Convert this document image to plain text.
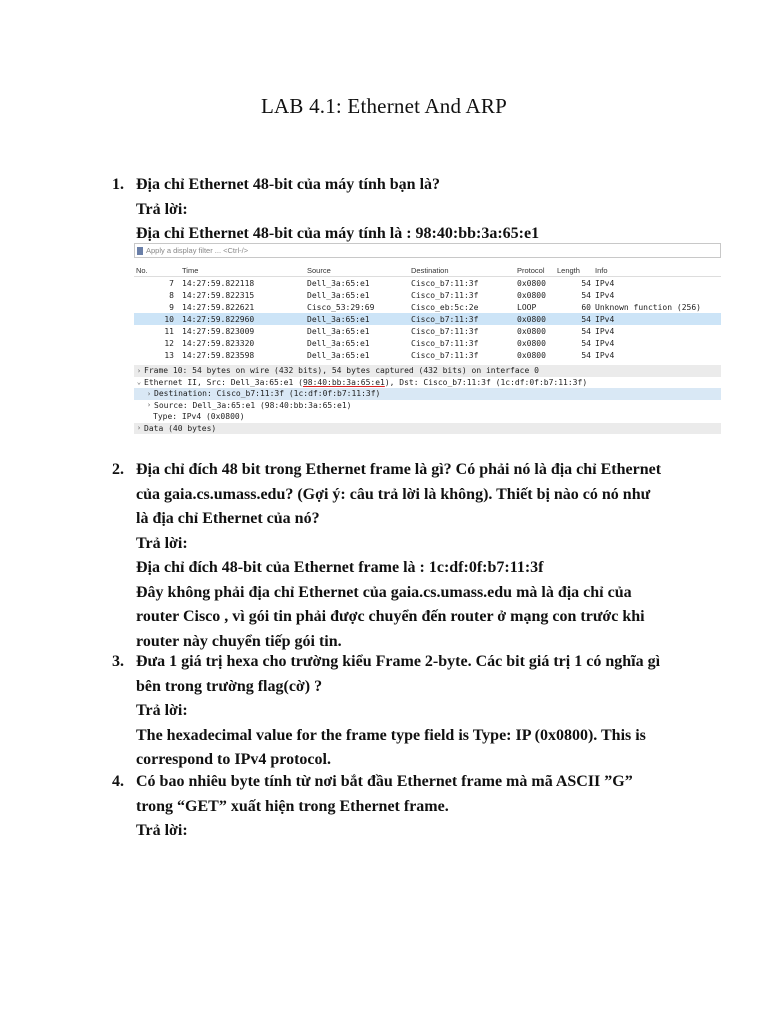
LAB 4.1: Ethernet And ARP
1. Địa chỉ Ethernet 48-bit của máy tính bạn là?
Trả lời:
Địa chỉ Ethernet 48-bit của máy tính là : 98:40:bb:3a:65:e1
Apply a display filter ... <Ctrl-/>
No.	Time	Source	Destination	Protocol	Length	Info
7	14:27:59.822118	Dell_3a:65:e1	Cisco_b7:11:3f	0x0800	54 IPv4
8	14:27:59.822315	Dell_3a:65:e1	Cisco_b7:11:3f	0x0800	54 IPv4
9	14:27:59.822621	Cisco_53:29:69	Cisco_eb:5c:2e	LOOP	60 Unknown function (256)
10	14:27:59.822960	Dell_3a:65:e1	Cisco_b7:11:3f	0x0800	54 IPv4
11	14:27:59.823009	Dell_3a:65:e1	Cisco_b7:11:3f	0x0800	54 IPv4
12	14:27:59.823320	Dell_3a:65:e1	Cisco_b7:11:3f	0x0800	54 IPv4
13	14:27:59.823598	Dell_3a:65:e1	Cisco_b7:11:3f	0x0800	54 IPv4
› Frame 10: 54 bytes on wire (432 bits), 54 bytes captured (432 bits) on interface 0
⌄ Ethernet II, Src: Dell_3a:65:e1 ( 98:40:bb:3a:65:e1 ), Dst: Cisco_b7:11:3f (1c:df:0f:b7:11:3f)
› Destination: Cisco_b7:11:3f (1c:df:0f:b7:11:3f)
› Source: Dell_3a:65:e1 (98:40:bb:3a:65:e1)
Type: IPv4 (0x0800)
› Data (40 bytes)
2. Địa chỉ đích 48 bit trong Ethernet frame là gì? Có phải nó là địa chỉ Ethernet
của gaia.cs.umass.edu? (Gợi ý: câu trả lời là không). Thiết bị nào có nó như
là địa chỉ Ethernet của nó?
Trả lời:
Địa chỉ đích 48-bit của Ethernet frame là : 1c:df:0f:b7:11:3f
Đây không phải địa chỉ Ethernet của gaia.cs.umass.edu mà là địa chỉ của
router Cisco , vì gói tin phải được chuyển đến router ở mạng con trước khi
router này chuyển tiếp gói tin.
3. Đưa 1 giá trị hexa cho trường kiểu Frame 2-byte. Các bit giá trị 1 có nghĩa gì
bên trong trường flag(cờ) ?
Trả lời:
The hexadecimal value for the frame type field is Type: IP (0x0800). This is
correspond to IPv4 protocol.
4. Có bao nhiêu byte tính từ nơi bắt đầu Ethernet frame mà mã ASCII ”G”
trong “GET” xuất hiện trong Ethernet frame.
Trả lời:
